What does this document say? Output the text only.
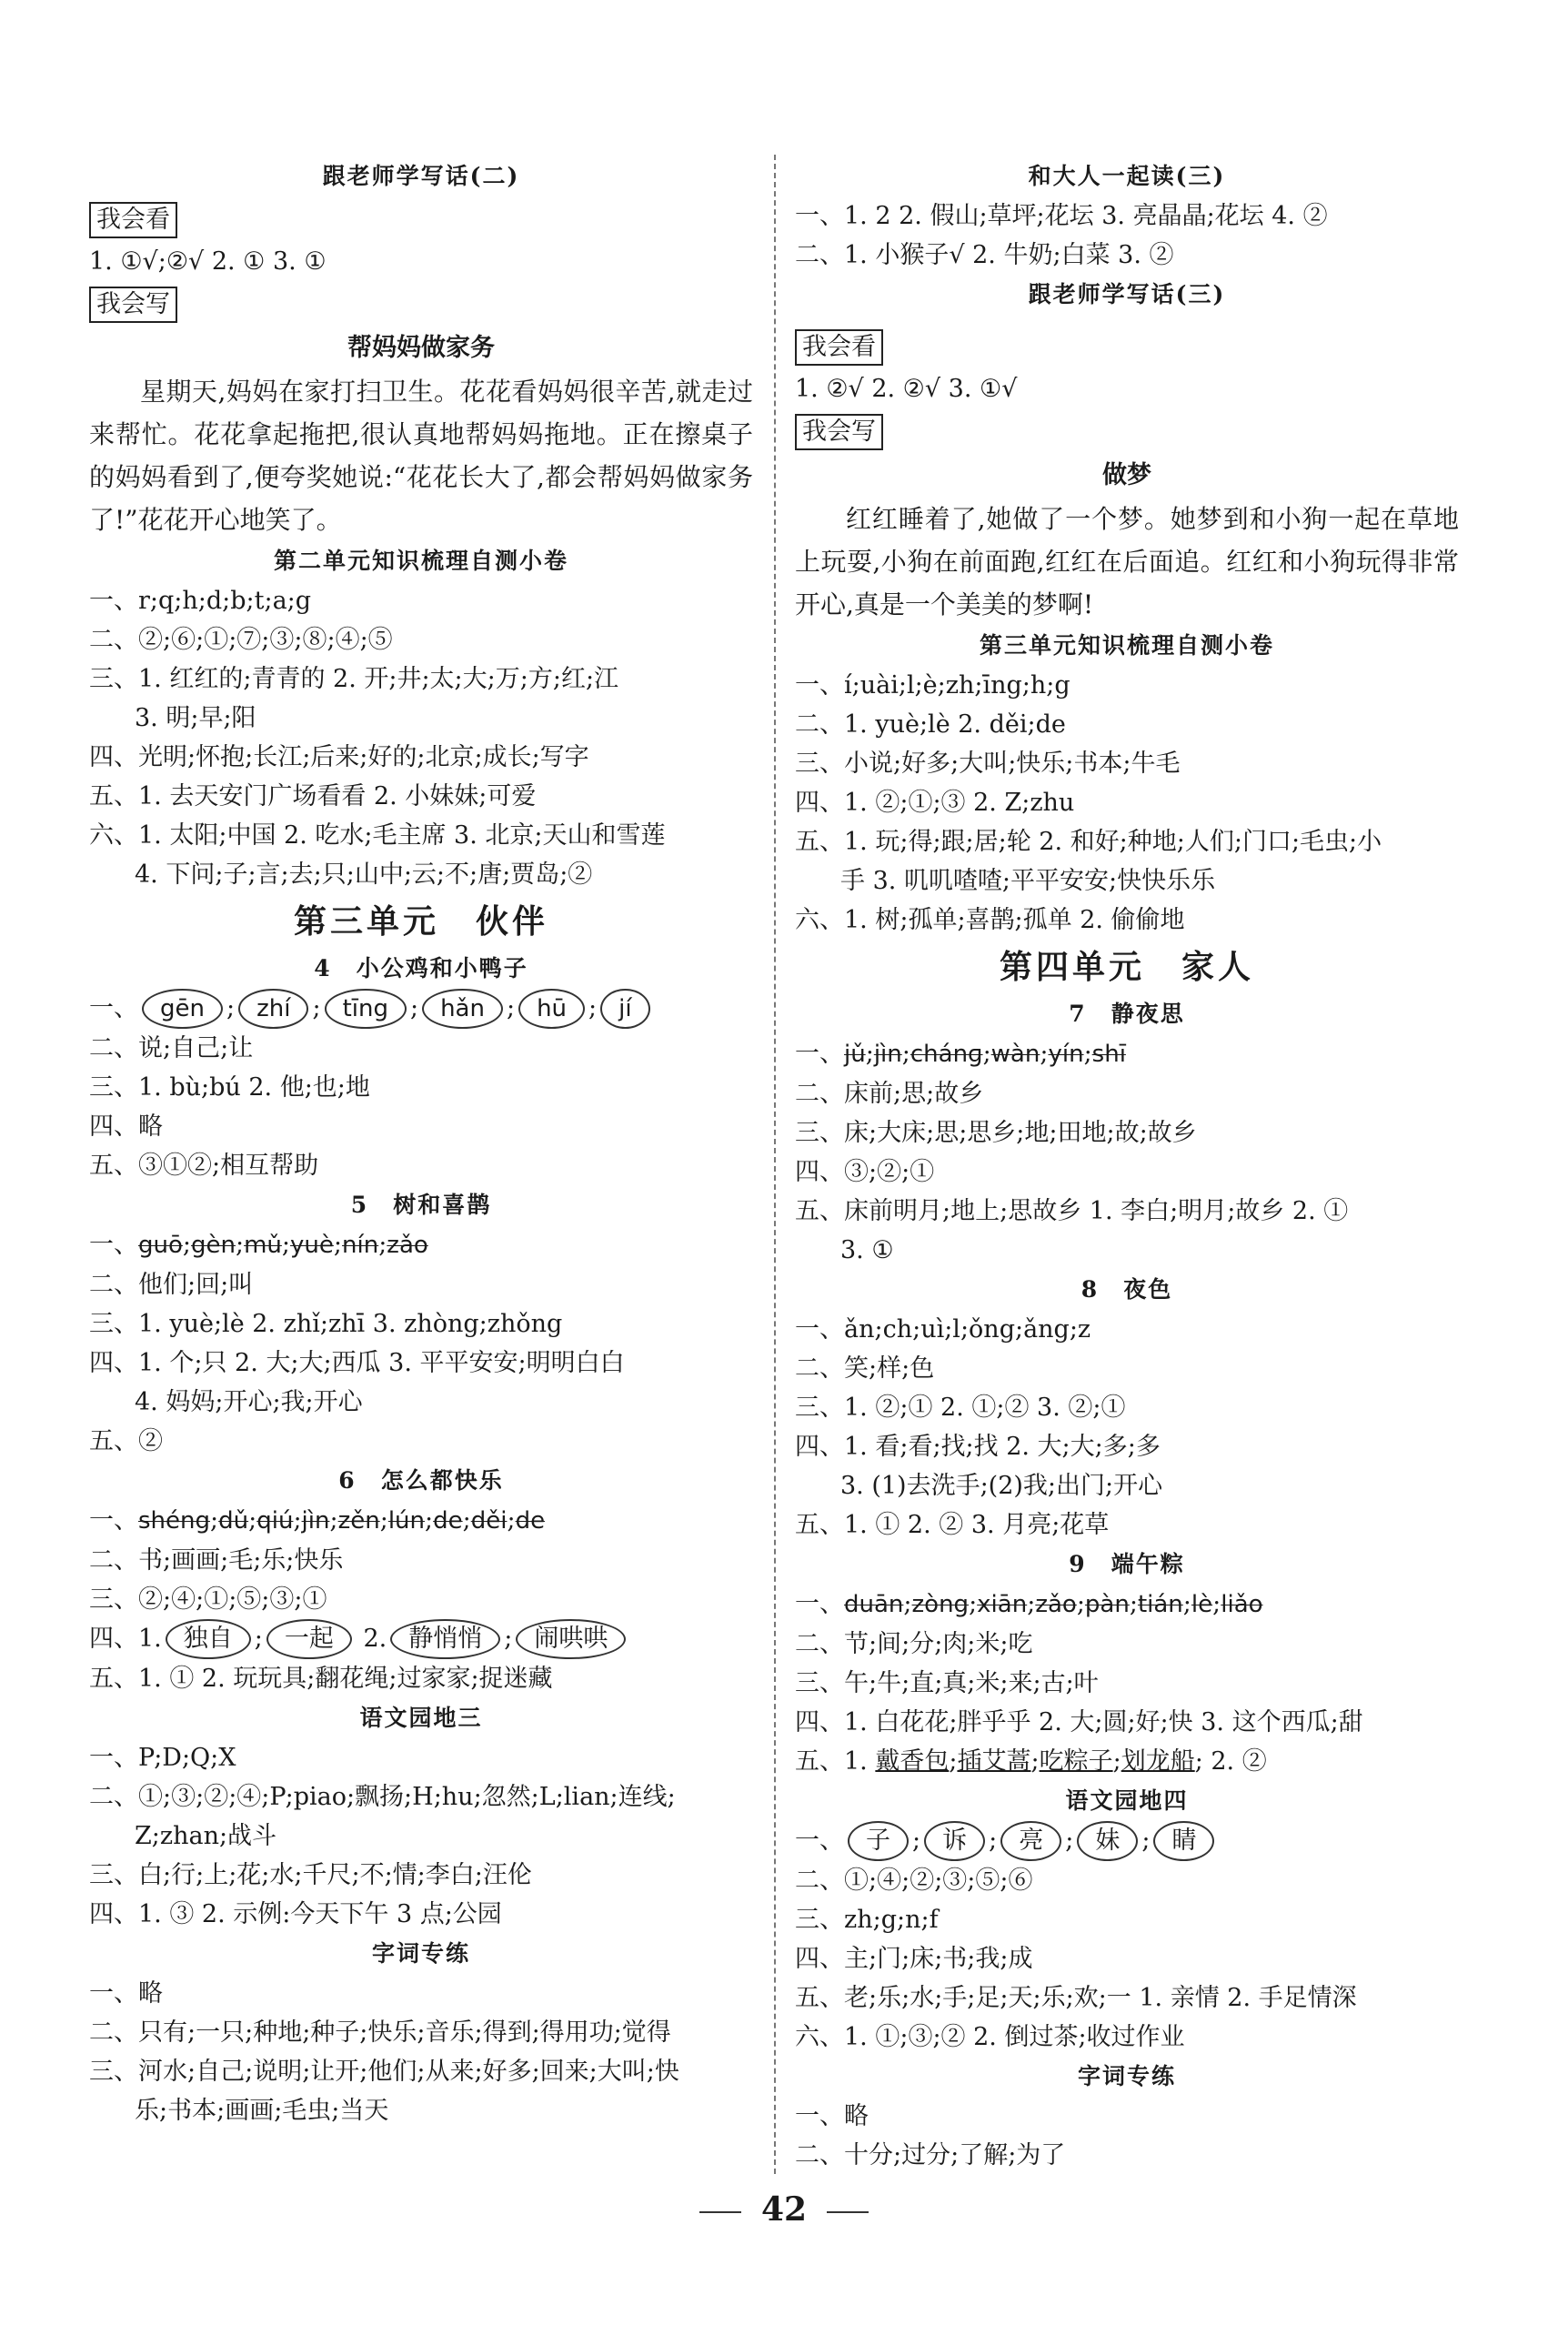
跟老师学写话(二)
我会看
1. ①√;②√ 2. ① 3. ①
我会写
帮妈妈做家务
星期天,妈妈在家打扫卫生。花花看妈妈很辛苦,就走过来帮忙。花花拿起拖把,很认真地帮妈妈拖地。正在擦桌子的妈妈看到了,便夸奖她说:“花花长大了,都会帮妈妈做家务了!”花花开心地笑了。
第二单元知识梳理自测小卷
一、r;q;h;d;b;t;a;g
二、②;⑥;①;⑦;③;⑧;④;⑤
三、1. 红红的;青青的 2. 开;井;太;大;万;方;红;江
3. 明;早;阳
四、光明;怀抱;长江;后来;好的;北京;成长;写字
五、1. 去天安门广场看看 2. 小妹妹;可爱
六、1. 太阳;中国 2. 吃水;毛主席 3. 北京;天山和雪莲
4. 下问;子;言;去;只;山中;云;不;唐;贾岛;②
第三单元　伙伴
4　小公鸡和小鸭子
一、 gēn ; zhí ; tīng ; hǎn ; hū ; jí
二、说;自己;让
三、1. bù;bú 2. 他;也;地
四、略
五、③①②;相互帮助
5　树和喜鹊
一、guō;gèn;mǔ;yuè;nín;zǎo
二、他们;回;叫
三、1. yuè;lè 2. zhǐ;zhī 3. zhòng;zhǒng
四、1. 个;只 2. 大;大;西瓜 3. 平平安安;明明白白
4. 妈妈;开心;我;开心
五、②
6　怎么都快乐
一、shéng;dǔ;qiú;jìn;zěn;lún;de;děi;de
二、书;画画;毛;乐;快乐
三、②;④;①;⑤;③;①
四、1. 独自 ; 一起 2. 静悄悄 ; 闹哄哄
五、1. ① 2. 玩玩具;翻花绳;过家家;捉迷藏
语文园地三
一、P;D;Q;X
二、①;③;②;④;P;piao;飘扬;H;hu;忽然;L;lian;连线;
Z;zhan;战斗
三、白;行;上;花;水;千尺;不;情;李白;汪伦
四、1. ③ 2. 示例:今天下午 3 点;公园
字词专练
一、略
二、只有;一只;种地;种子;快乐;音乐;得到;得用功;觉得
三、河水;自己;说明;让开;他们;从来;好多;回来;大叫;快
乐;书本;画画;毛虫;当天
和大人一起读(三)
一、1. 2 2. 假山;草坪;花坛 3. 亮晶晶;花坛 4. ②
二、1. 小猴子√ 2. 牛奶;白菜 3. ②
跟老师学写话(三)
我会看
1. ②√ 2. ②√ 3. ①√
我会写
做梦
红红睡着了,她做了一个梦。她梦到和小狗一起在草地上玩耍,小狗在前面跑,红红在后面追。红红和小狗玩得非常开心,真是一个美美的梦啊!
第三单元知识梳理自测小卷
一、í;uài;l;è;zh;īng;h;g
二、1. yuè;lè 2. děi;de
三、小说;好多;大叫;快乐;书本;牛毛
四、1. ②;①;③ 2. Z;zhu
五、1. 玩;得;跟;居;轮 2. 和好;种地;人们;门口;毛虫;小
手 3. 叽叽喳喳;平平安安;快快乐乐
六、1. 树;孤单;喜鹊;孤单 2. 偷偷地
第四单元　家人
7　静夜思
一、jǔ;jìn;chánɡ;wàn;yín;shī
二、床前;思;故乡
三、床;大床;思;思乡;地;田地;故;故乡
四、③;②;①
五、床前明月;地上;思故乡 1. 李白;明月;故乡 2. ①
3. ①
8　夜色
一、ǎn;ch;uì;l;ǒng;ǎng;z
二、笑;样;色
三、1. ②;① 2. ①;② 3. ②;①
四、1. 看;看;找;找 2. 大;大;多;多
3. (1)去洗手;(2)我;出门;开心
五、1. ① 2. ② 3. 月亮;花草
9　端午粽
一、duān;zòng;xiān;zǎo;pàn;tián;lè;liǎo
二、节;间;分;肉;米;吃
三、午;牛;直;真;米;来;古;叶
四、1. 白花花;胖乎乎 2. 大;圆;好;快 3. 这个西瓜;甜
五、1. 戴香包;插艾蒿;吃粽子;划龙船; 2. ②
语文园地四
一、 子 ; 诉 ; 亮 ; 妹 ; 睛
二、①;④;②;③;⑤;⑥
三、zh;g;n;f
四、主;门;床;书;我;成
五、老;乐;水;手;足;天;乐;欢;一 1. 亲情 2. 手足情深
六、1. ①;③;② 2. 倒过茶;收过作业
字词专练
一、略
二、十分;过分;了解;为了
42
